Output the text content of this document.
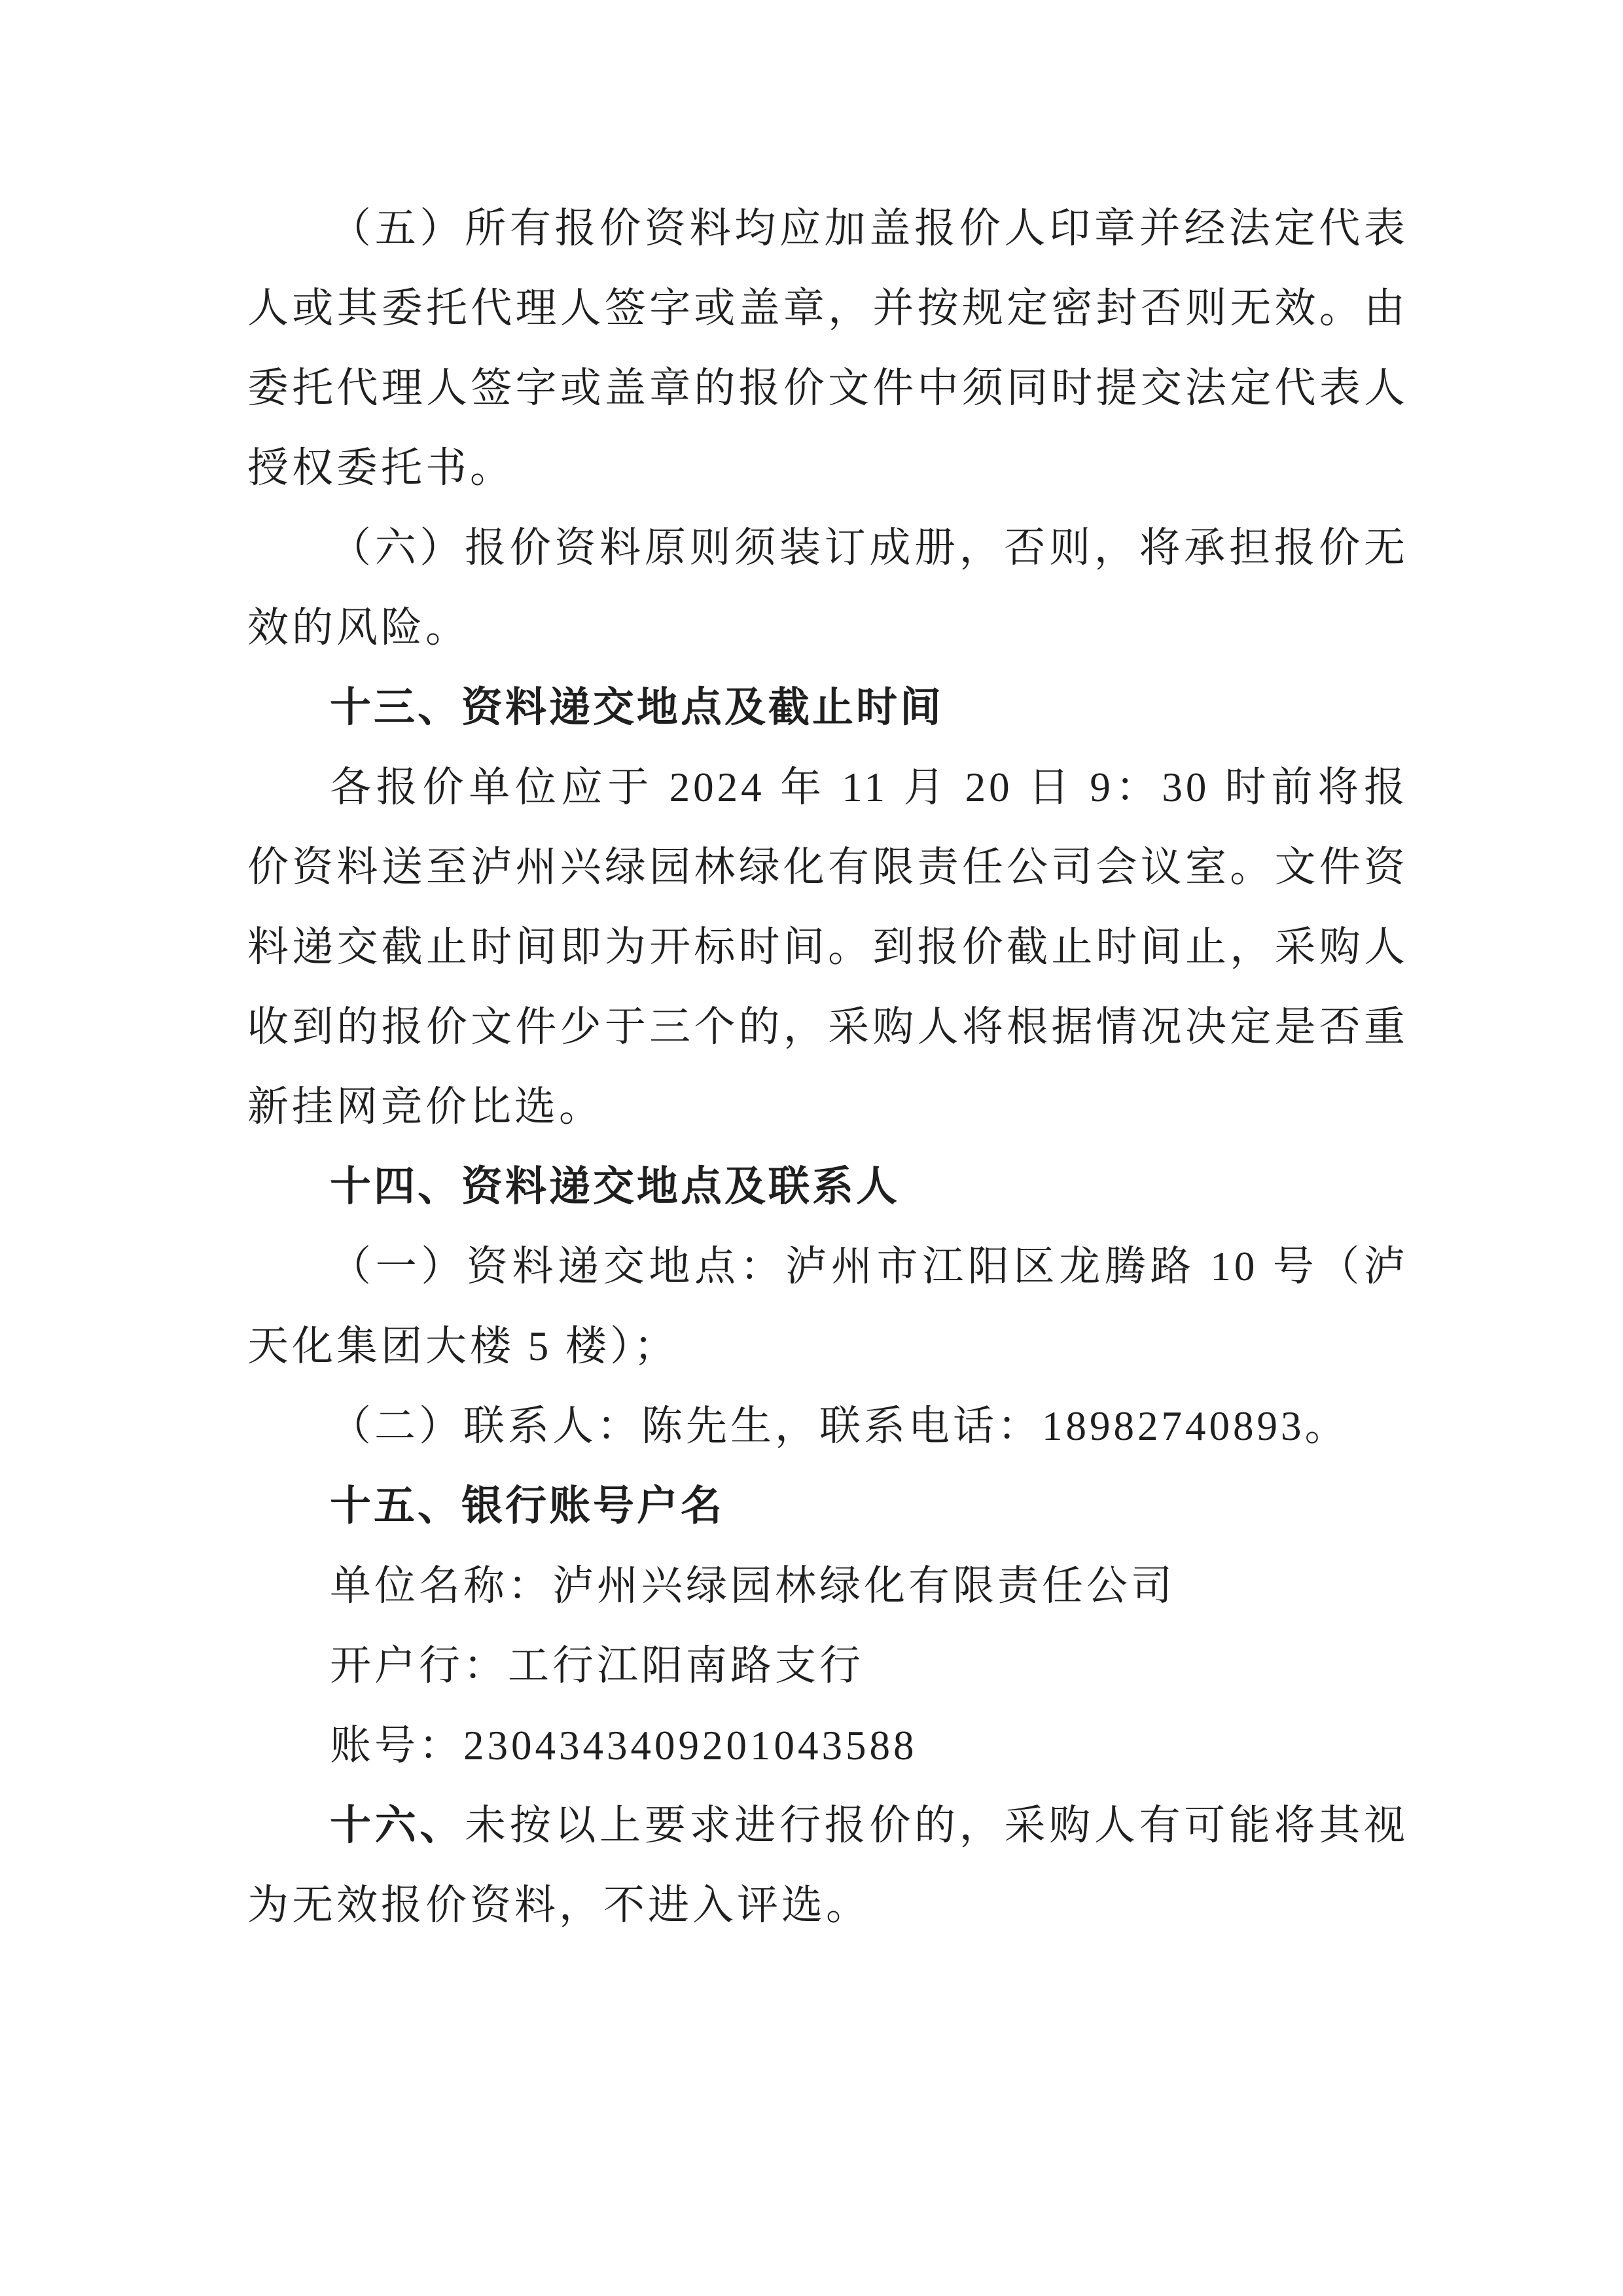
（五）所有报价资料均应加盖报价人印章并经法定代表人或其委托代理人签字或盖章，并按规定密封否则无效。由委托代理人签字或盖章的报价文件中须同时提交法定代表人授权委托书。

（六）报价资料原则须装订成册，否则，将承担报价无效的风险。

十三、资料递交地点及截止时间

各报价单位应于 2024 年 11 月 20 日 9：30 时前将报价资料送至泸州兴绿园林绿化有限责任公司会议室。文件资料递交截止时间即为开标时间。到报价截止时间止，采购人收到的报价文件少于三个的，采购人将根据情况决定是否重新挂网竞价比选。

十四、资料递交地点及联系人

（一）资料递交地点：泸州市江阳区龙腾路 10 号（泸天化集团大楼 5 楼）；

（二）联系人：陈先生，联系电话：18982740893。

十五、银行账号户名

单位名称：泸州兴绿园林绿化有限责任公司

开户行：工行江阳南路支行

账号：2304343409201043588

十六、未按以上要求进行报价的，采购人有可能将其视为无效报价资料，不进入评选。
